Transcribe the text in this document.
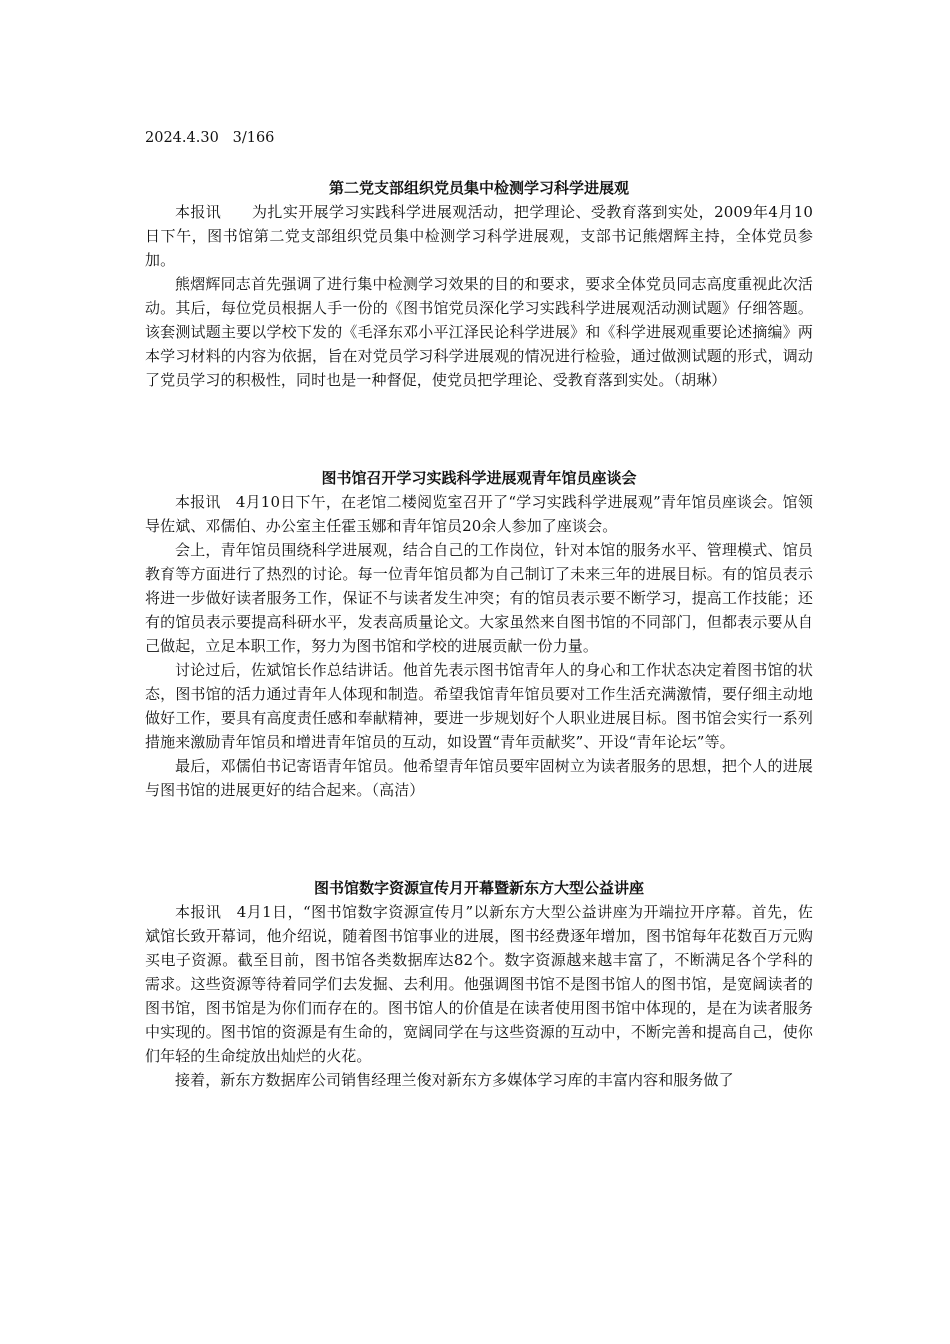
2024.4.30   3/166
第二党支部组织党员集中检测学习科学进展观

本报讯　　为扎实开展学习实践科学进展观活动，把学理论、受教育落到实处，2009年4月10日下午，图书馆第二党支部组织党员集中检测学习科学进展观，支部书记熊熠辉主持，全体党员参加。

熊熠辉同志首先强调了进行集中检测学习效果的目的和要求，要求全体党员同志高度重视此次活动。其后，每位党员根据人手一份的《图书馆党员深化学习实践科学进展观活动测试题》仔细答题。该套测试题主要以学校下发的《毛泽东邓小平江泽民论科学进展》和《科学进展观重要论述摘编》两本学习材料的内容为依据，旨在对党员学习科学进展观的情况进行检验，通过做测试题的形式，调动了党员学习的积极性，同时也是一种督促，使党员把学理论、受教育落到实处。（胡琳）

图书馆召开学习实践科学进展观青年馆员座谈会

本报讯　4月10日下午，在老馆二楼阅览室召开了“学习实践科学进展观”青年馆员座谈会。馆领导佐斌、邓儒伯、办公室主任霍玉娜和青年馆员20余人参加了座谈会。

会上，青年馆员围绕科学进展观，结合自己的工作岗位，针对本馆的服务水平、管理模式、馆员教育等方面进行了热烈的讨论。每一位青年馆员都为自己制订了未来三年的进展目标。有的馆员表示将进一步做好读者服务工作，保证不与读者发生冲突；有的馆员表示要不断学习，提高工作技能；还有的馆员表示要提高科研水平，发表高质量论文。大家虽然来自图书馆的不同部门，但都表示要从自己做起，立足本职工作，努力为图书馆和学校的进展贡献一份力量。

讨论过后，佐斌馆长作总结讲话。他首先表示图书馆青年人的身心和工作状态决定着图书馆的状态，图书馆的活力通过青年人体现和制造。希望我馆青年馆员要对工作生活充满激情，要仔细主动地做好工作，要具有高度责任感和奉献精神，要进一步规划好个人职业进展目标。图书馆会实行一系列措施来激励青年馆员和增进青年馆员的互动，如设置“青年贡献奖”、开设“青年论坛”等。

最后，邓儒伯书记寄语青年馆员。他希望青年馆员要牢固树立为读者服务的思想，把个人的进展与图书馆的进展更好的结合起来。（高洁）

图书馆数字资源宣传月开幕暨新东方大型公益讲座

本报讯　4月1日，“图书馆数字资源宣传月”以新东方大型公益讲座为开端拉开序幕。首先，佐斌馆长致开幕词，他介绍说，随着图书馆事业的进展，图书经费逐年增加，图书馆每年花数百万元购买电子资源。截至目前，图书馆各类数据库达82个。数字资源越来越丰富了，不断满足各个学科的需求。这些资源等待着同学们去发掘、去利用。他强调图书馆不是图书馆人的图书馆，是宽阔读者的图书馆，图书馆是为你们而存在的。图书馆人的价值是在读者使用图书馆中体现的，是在为读者服务中实现的。图书馆的资源是有生命的，宽阔同学在与这些资源的互动中，不断完善和提高自己，使你们年轻的生命绽放出灿烂的火花。

接着，新东方数据库公司销售经理兰俊对新东方多媒体学习库的丰富内容和服务做了
